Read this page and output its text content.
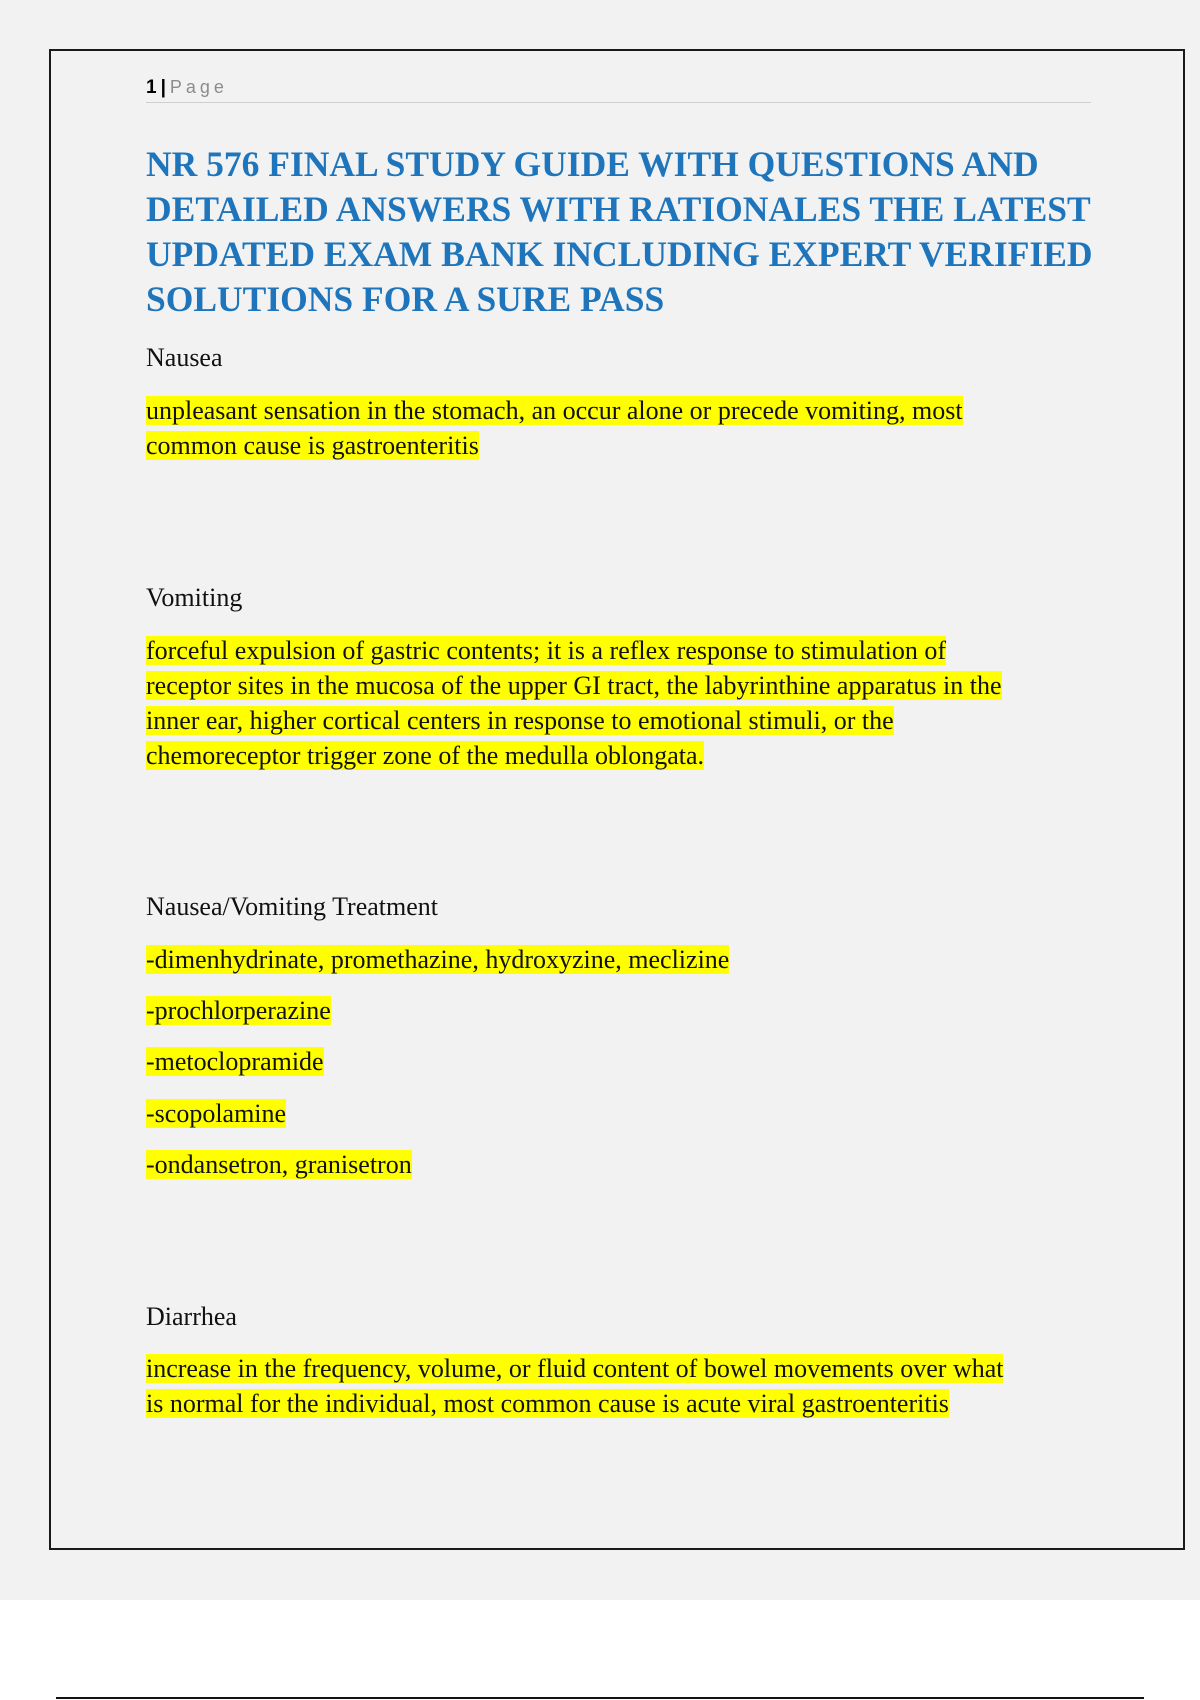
1 | Page
NR 576 FINAL STUDY GUIDE WITH QUESTIONS AND DETAILED ANSWERS WITH RATIONALES THE LATEST UPDATED EXAM BANK INCLUDING EXPERT VERIFIED SOLUTIONS FOR A SURE PASS
Nausea
unpleasant sensation in the stomach, an occur alone or precede vomiting, most
common cause is gastroenteritis
Vomiting
forceful expulsion of gastric contents; it is a reflex response to stimulation of
receptor sites in the mucosa of the upper GI tract, the labyrinthine apparatus in the
inner ear, higher cortical centers in response to emotional stimuli, or the
chemoreceptor trigger zone of the medulla oblongata.
Nausea/Vomiting Treatment
-dimenhydrinate, promethazine, hydroxyzine, meclizine
-prochlorperazine
-metoclopramide
-scopolamine
-ondansetron, granisetron
Diarrhea
increase in the frequency, volume, or fluid content of bowel movements over what
is normal for the individual, most common cause is acute viral gastroenteritis
